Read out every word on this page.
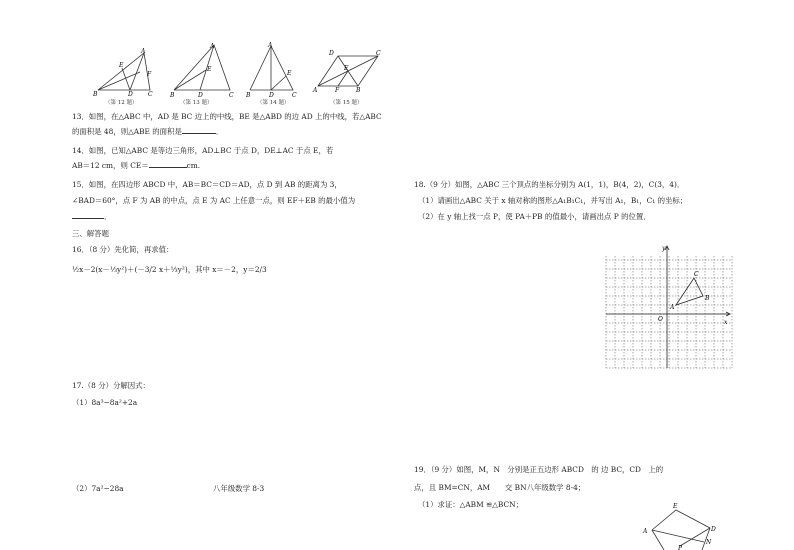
A
E
F
B	D	C
（第 12 题）
A
E
B	D	C
（第 13 题）
A
E
B	D	C
（第 14 题）
D	C
E
A	F	B
（第 15 题）
13．如图，在△ABC 中，AD 是 BC 边上的中线，BE 是△ABD 的边 AD 上的中线，若△ABC
的面积是 48，则△ABE 的面积是	．
14．如图，已知△ABC 是等边三角形，AD⊥BC 于点 D，DE⊥AC 于点 E，若
AB＝12 cm，则 CE＝	cm.
15．如图，在四边形 ABCD 中，AB＝BC＝CD＝AD，点 D 到 AB 的距离为 3，
∠BAD＝60°，点 F 为 AB 的中点，点 E 为 AC 上任意一点，则 EF＋EB 的最小值为
．
三、解答题
16．（8 分）先化简，再求值：
½x－2(x－⅓y²)＋(－3/2 x＋⅓y²)，其中 x＝－2，y＝2/3
17.（8 分）分解因式：
（1）8a³−8a²+2a
（2）7a²−28a	八年级数学 8-3
18.（9 分）如图，△ABC 三个顶点的坐标分别为 A(1，1)，B(4，2)，C(3，4)．
（1）请画出△ABC 关于 x 轴对称的图形△A₁B₁C₁，并写出 A₁，B₁，C₁ 的坐标；
（2）在 y 轴上找一点 P，使 PA＋PB 的值最小，请画出点 P 的位置．
y
x
O
A
B
C
19．（9 分）如图，M，N　分别是正五边形 ABCD　的 边 BC，CD　上的
点，且 BM=CN，AM　　交 BN八年级数学 8-4；
（1）求证：△ABM ≌△BCN；	E
A	D
N
P
